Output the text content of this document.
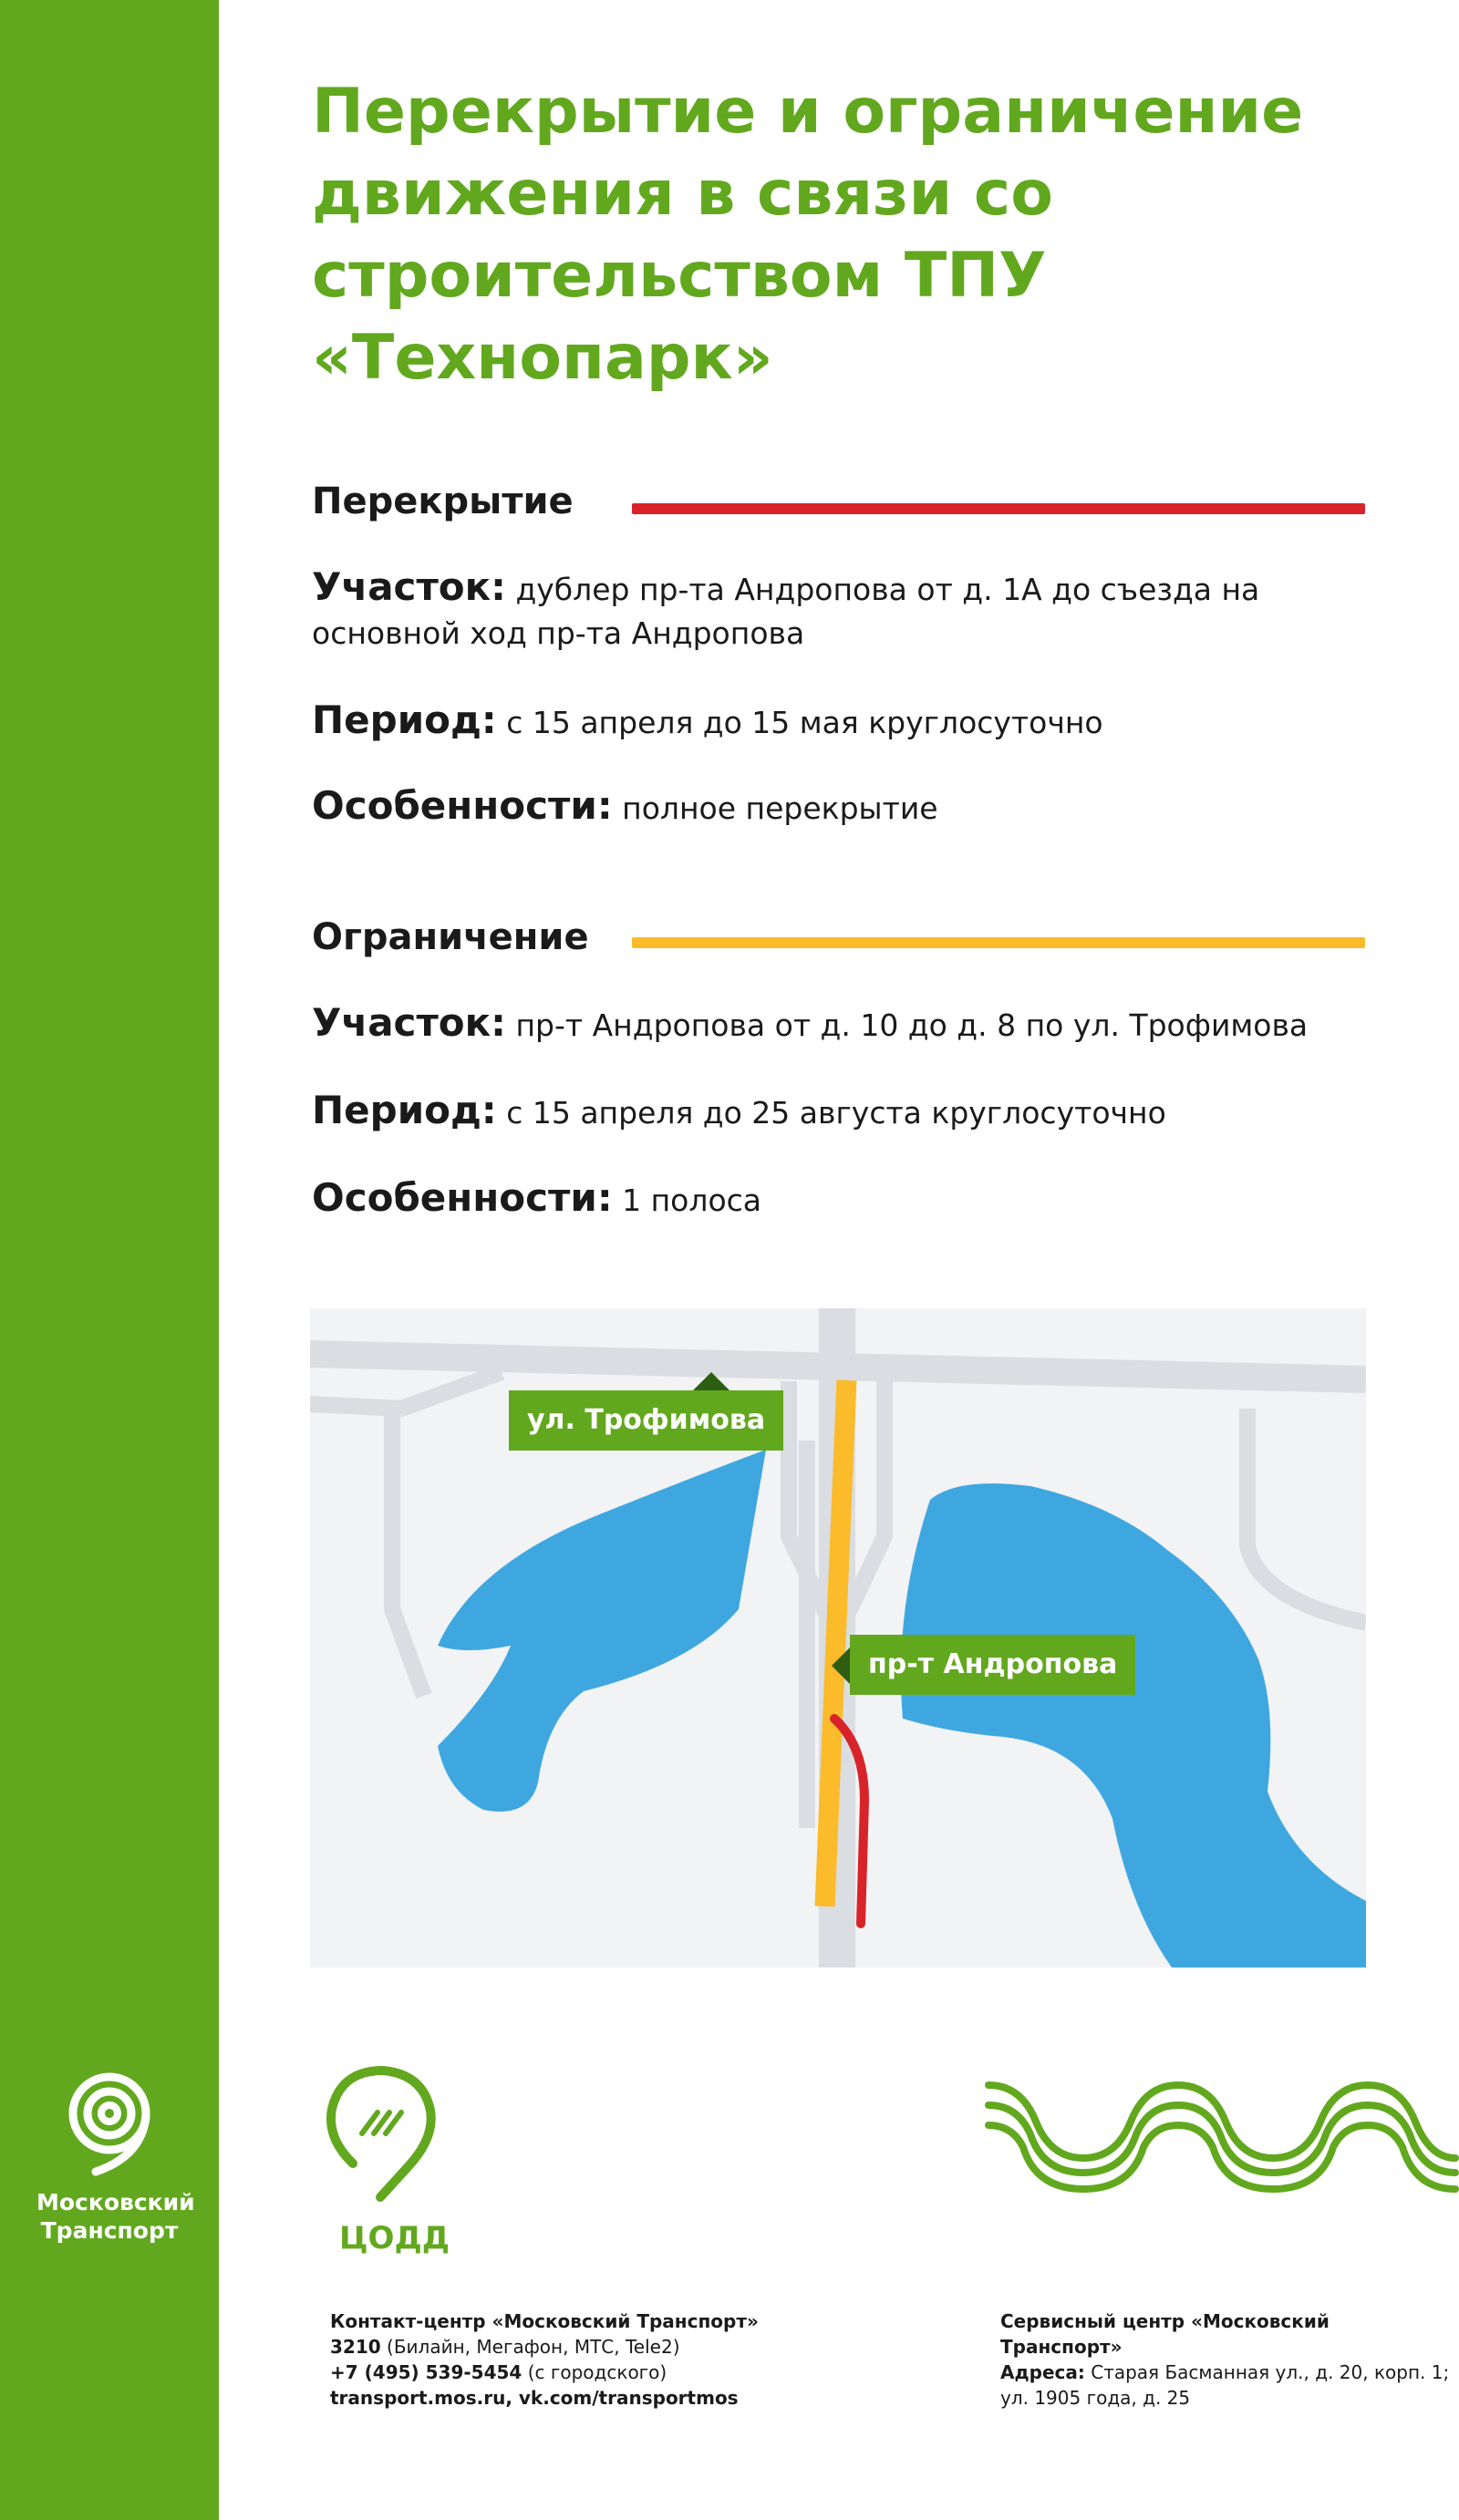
Московский
Транспорт
Перекрытие и ограничение движения в связи со строительством ТПУ «Технопарк»
Перекрытие
Участок: дублер пр-та Андропова от д. 1А до съезда на основной ход пр-та Андропова
Период: с 15 апреля до 15 мая круглосуточно
Особенности: полное перекрытие
Ограничение
Участок: пр-т Андропова от д. 10 до д. 8 по ул. Трофимова
Период: с 15 апреля до 25 августа круглосуточно
Особенности: 1 полоса
ул. Трофимова
пр-т Андропова
ЦОДД
Контакт-центр «Московский Транспорт»
3210 (Билайн, Мегафон, МТС, Tele2)
+7 (495) 539-5454 (с городского)
transport.mos.ru, vk.com/transportmos
Сервисный центр «Московский Транспорт»
Адреса: Старая Басманная ул., д. 20, корп. 1;
ул. 1905 года, д. 25
